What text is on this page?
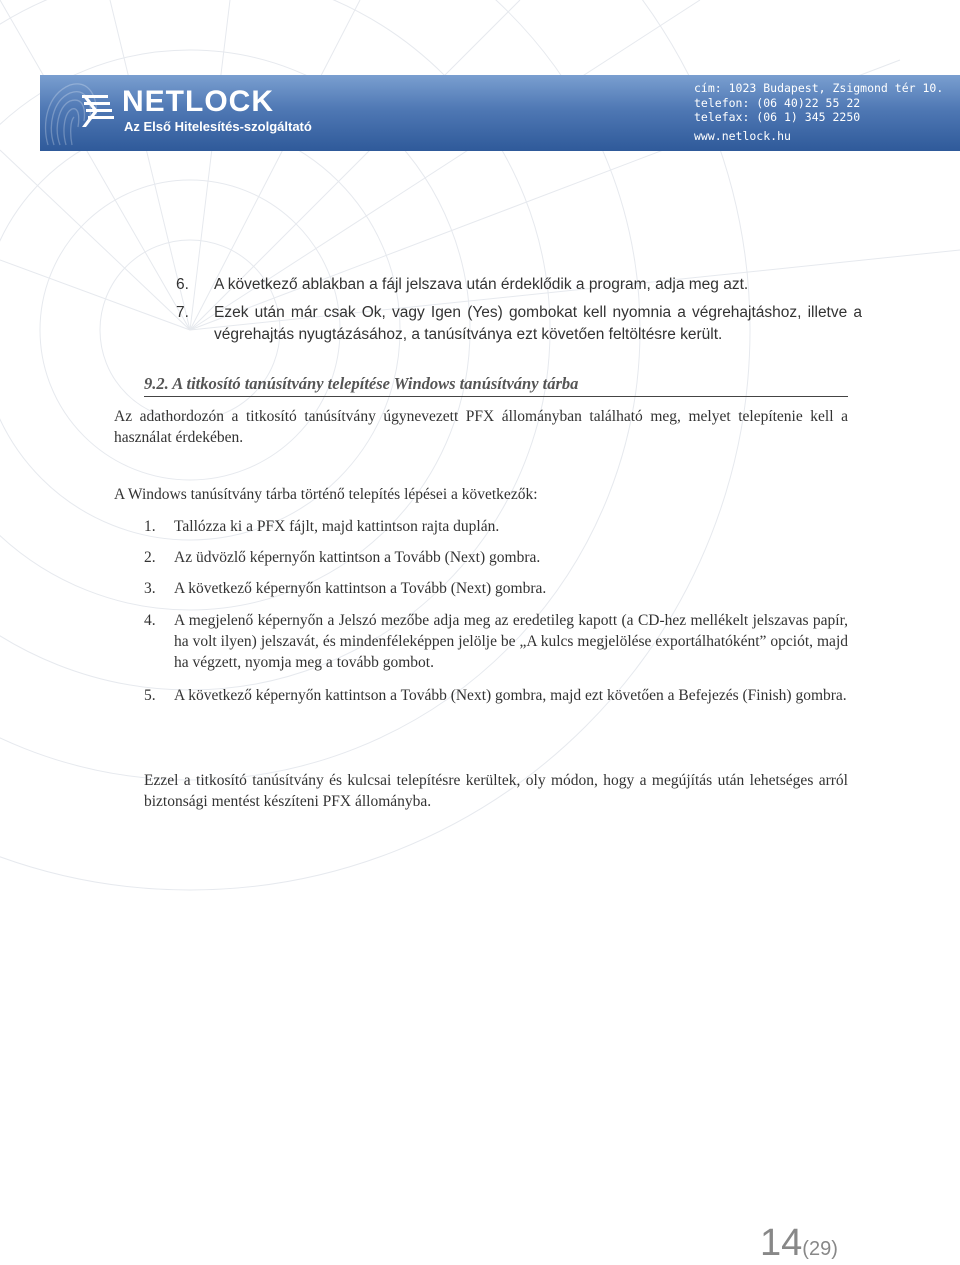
NETLOCK
Az Első Hitelesítés-szolgáltató
cím: 1023 Budapest, Zsigmond tér 10.
telefon: (06 40)22 55 22
telefax: (06 1) 345 2250
www.netlock.hu
6. A következő ablakban a fájl jelszava után érdeklődik a program, adja meg azt.
7. Ezek után már csak Ok, vagy Igen (Yes) gombokat kell nyomnia a végrehajtáshoz, illetve a végrehajtás nyugtázásához, a tanúsítványa ezt követően feltöltésre került.

9.2. A titkosító tanúsítvány telepítése Windows tanúsítvány tárba

Az adathordozón a titkosító tanúsítvány úgynevezett PFX állományban található meg, melyet telepítenie kell a használat érdekében.

A Windows tanúsítvány tárba történő telepítés lépései a következők:

1. Tallózza ki a PFX fájlt, majd kattintson rajta duplán.
2. Az üdvözlő képernyőn kattintson a Tovább (Next) gombra.
3. A következő képernyőn kattintson a Tovább (Next) gombra.
4. A megjelenő képernyőn a Jelszó mezőbe adja meg az eredetileg kapott (a CD-hez mellékelt jelszavas papír, ha volt ilyen) jelszavát, és mindenféleképpen jelölje be „A kulcs megjelölése exportálhatóként” opciót, majd ha végzett, nyomja meg a tovább gombot.

5. A következő képernyőn kattintson a Tovább (Next) gombra, majd ezt követően a Befejezés (Finish) gombra.

Ezzel a titkosító tanúsítvány és kulcsai telepítésre kerültek, oly módon, hogy a megújítás után lehetséges arról biztonsági mentést készíteni PFX állományba.

14(29)
